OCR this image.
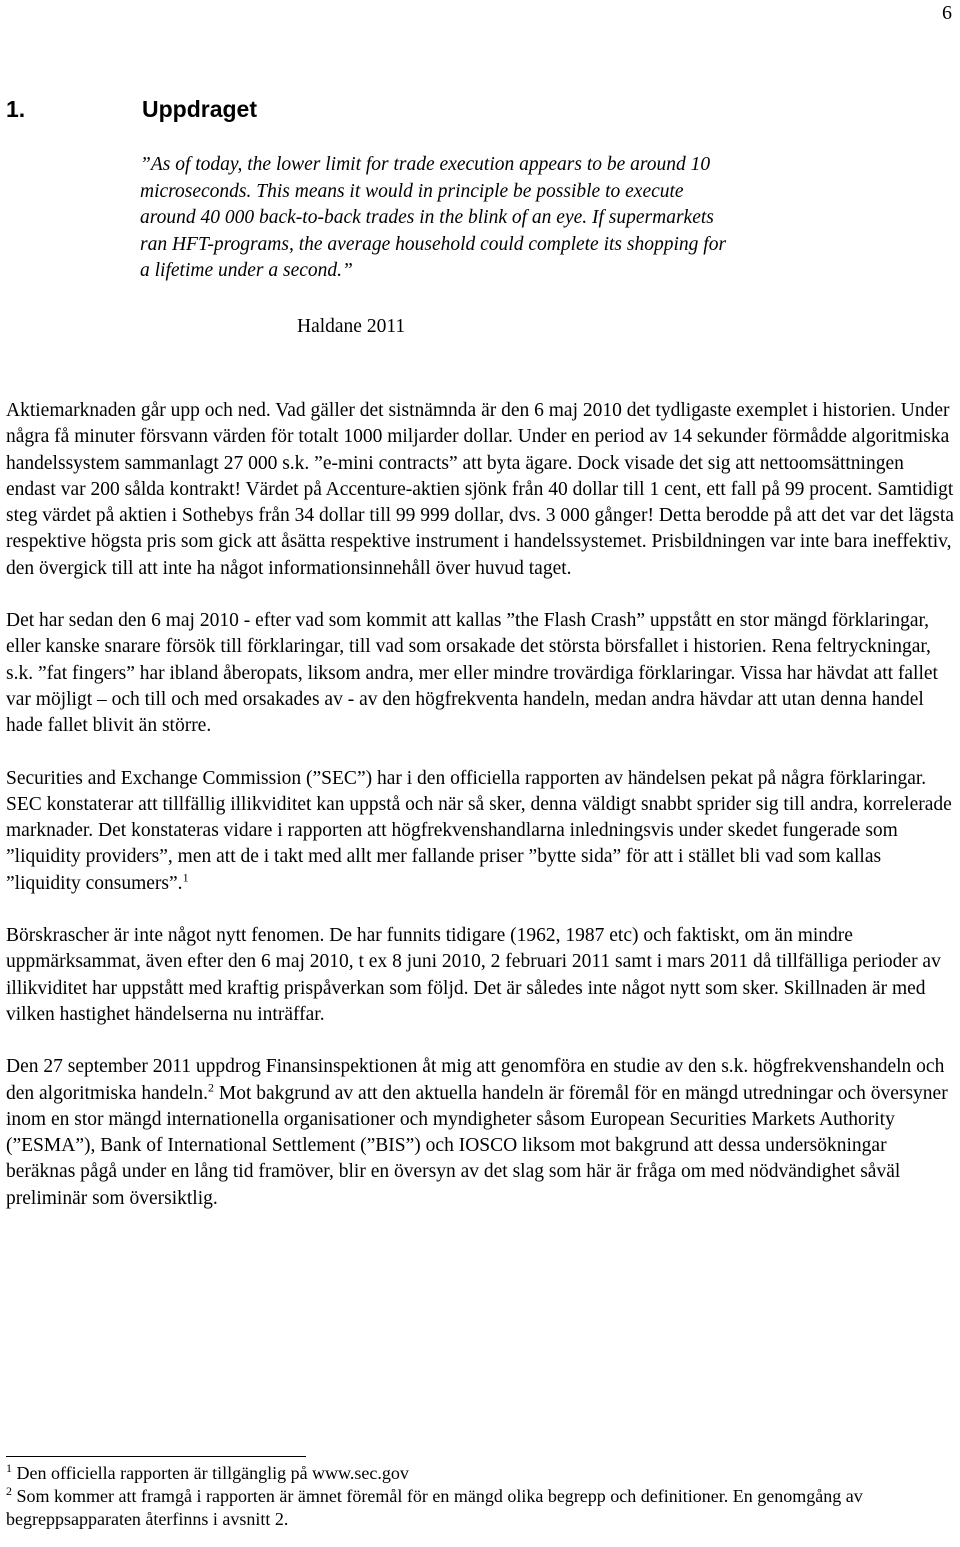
6
1.	Uppdraget

”As of today, the lower limit for trade execution appears to be around 10 microseconds. This means it would in principle be possible to execute around 40 000 back-to-back trades in the blink of an eye. If supermarkets ran HFT-programs, the average household could complete its shopping for a lifetime under a second.”

Haldane 2011

Aktiemarknaden går upp och ned. Vad gäller det sistnämnda är den 6 maj 2010 det tydligaste exemplet i historien. Under några få minuter försvann värden för totalt 1000 miljarder dollar. Under en period av 14 sekunder förmådde algoritmiska handelssystem sammanlagt 27 000 s.k. ”e-mini contracts” att byta ägare. Dock visade det sig att nettoomsättningen endast var 200 sålda kontrakt! Värdet på Accenture-aktien sjönk från 40 dollar till 1 cent, ett fall på 99 procent. Samtidigt steg värdet på aktien i Sothebys från 34 dollar till 99 999 dollar, dvs. 3 000 gånger! Detta berodde på att det var det lägsta respektive högsta pris som gick att åsätta respektive instrument i handelssystemet. Prisbildningen var inte bara ineffektiv, den övergick till att inte ha något informationsinnehåll över huvud taget.

Det har sedan den 6 maj 2010 - efter vad som kommit att kallas ”the Flash Crash” uppstått en stor mängd förklaringar, eller kanske snarare försök till förklaringar, till vad som orsakade det största börsfallet i historien. Rena feltryckningar, s.k. ”fat fingers” har ibland åberopats, liksom andra, mer eller mindre trovärdiga förklaringar. Vissa har hävdat att fallet var möjligt – och till och med orsakades av - av den högfrekventa handeln, medan andra hävdar att utan denna handel hade fallet blivit än större.

Securities and Exchange Commission (”SEC”) har i den officiella rapporten av händelsen pekat på några förklaringar. SEC konstaterar att tillfällig illikviditet kan uppstå och när så sker, denna väldigt snabbt sprider sig till andra, korrelerade marknader. Det konstateras vidare i rapporten att högfrekvenshandlarna inledningsvis under skedet fungerade som ”liquidity providers”, men att de i takt med allt mer fallande priser ”bytte sida” för att i stället bli vad som kallas ”liquidity consumers”.$^1$

Börskrascher är inte något nytt fenomen. De har funnits tidigare (1962, 1987 etc) och faktiskt, om än mindre uppmärksammat, även efter den 6 maj 2010, t ex 8 juni 2010, 2 februari 2011 samt i mars 2011 då tillfälliga perioder av illikviditet har uppstått med kraftig prispåverkan som följd. Det är således inte något nytt som sker. Skillnaden är med vilken hastighet händelserna nu inträffar.

Den 27 september 2011 uppdrog Finansinspektionen åt mig att genomföra en studie av den s.k. högfrekvenshandeln och den algoritmiska handeln.$^2$ Mot bakgrund av att den aktuella handeln är föremål för en mängd utredningar och översyner inom en stor mängd internationella organisationer och myndigheter såsom European Securities Markets Authority (”ESMA”), Bank of International Settlement (”BIS”) och IOSCO liksom mot bakgrund att dessa undersökningar beräknas pågå under en lång tid framöver, blir en översyn av det slag som här är fråga om med nödvändighet såväl preliminär som översiktlig.

$^1$ Den officiella rapporten är tillgänglig på www.sec.gov

$^2$ Som kommer att framgå i rapporten är ämnet föremål för en mängd olika begrepp och definitioner. En genomgång av begreppsapparaten återfinns i avsnitt 2.
